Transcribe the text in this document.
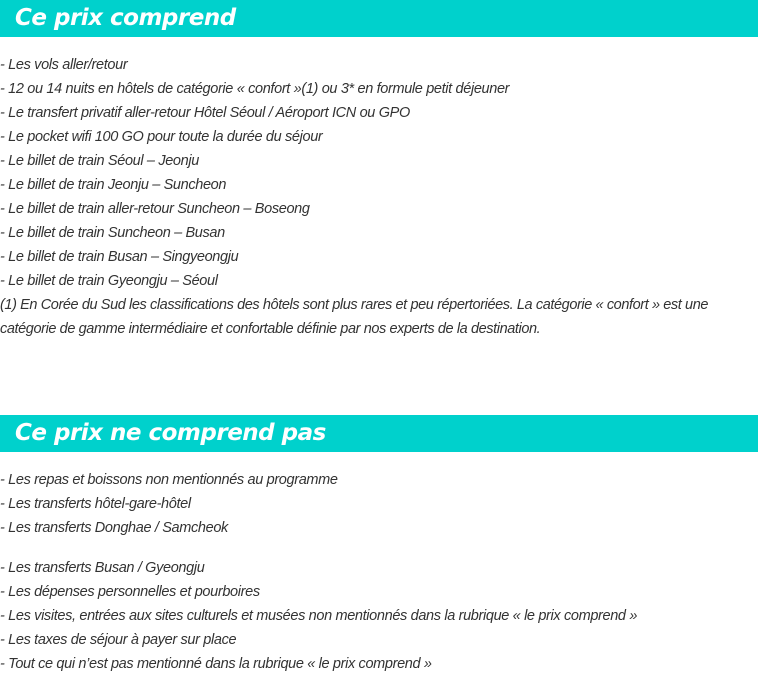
Ce prix comprend
- Les vols aller/retour
- 12 ou 14 nuits en hôtels de catégorie « confort »(1) ou 3* en formule petit déjeuner
- Le transfert privatif aller-retour Hôtel Séoul / Aéroport ICN ou GPO
- Le pocket wifi 100 GO pour toute la durée du séjour
- Le billet de train Séoul – Jeonju
- Le billet de train Jeonju – Suncheon
- Le billet de train aller-retour Suncheon – Boseong
- Le billet de train Suncheon – Busan
- Le billet de train Busan – Singyeongju
- Le billet de train Gyeongju – Séoul

(1) En Corée du Sud les classifications des hôtels sont plus rares et peu répertoriées. La catégorie « confort » est une catégorie de gamme intermédiaire et confortable définie par nos experts de la destination.

Ce prix ne comprend pas
- Les repas et boissons non mentionnés au programme
- Les transferts hôtel-gare-hôtel
- Les transferts Donghae / Samcheok
- Les transferts Busan / Gyeongju
- Les dépenses personnelles et pourboires
- Les visites, entrées aux sites culturels et musées non mentionnés dans la rubrique « le prix comprend »
- Les taxes de séjour à payer sur place
- Tout ce qui n’est pas mentionné dans la rubrique « le prix comprend »
